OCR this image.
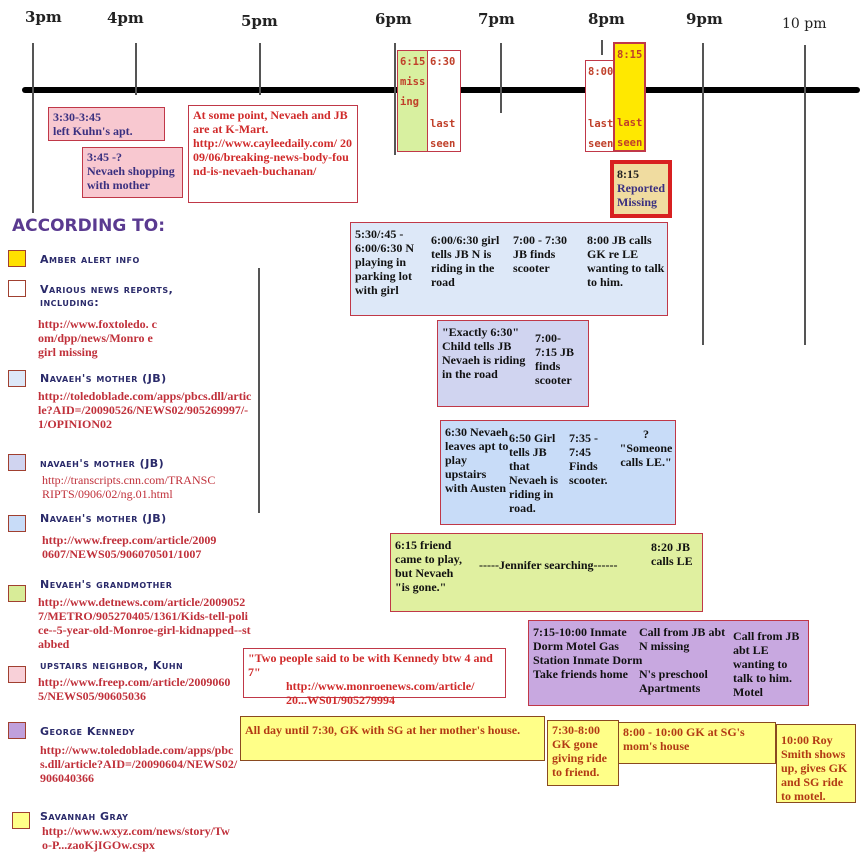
3pm	4pm	5pm	6pm	7pm	8pm	9pm	10 pm
6:15
miss
ing
6:30
last
seen
8:00
last
seen
8:15
last
seen
3:30-3:45
left Kuhn's apt.
3:45 -?
Nevaeh shopping with mother
At some point, Nevaeh and JB are at K-Mart.
http://www.cayleedaily.com/ 2009/06/breaking-news-body-found-is-nevaeh-buchanan/	8:15
Reported Missing
ACCORDING TO:
Amber alert info
Various news reports, including:
http://www.foxtoledo. com/dpp/news/Monro e girl missing
Navaeh's mother (JB)
http://toledoblade.com/apps/pbcs.dll/article?AID=/20090526/NEWS02/905269997/-1/OPINION02
navaeh's mother (JB)
http://transcripts.cnn.com/TRANSCRIPTS/0906/02/ng.01.html
Navaeh's mother (JB)
http://www.freep.com/article/20090607/NEWS05/906070501/1007
Nevaeh's grandmother
http://www.detnews.com/article/20090527/METRO/905270405/1361/Kids-tell-police--5-year-old-Monroe-girl-kidnapped--stabbed
upstairs neighbor, Kuhn
http://www.freep.com/article/20090605/NEWS05/90605036
George Kennedy
http://www.toledoblade.com/apps/pbcs.dll/article?AID=/20090604/NEWS02/906040366
Savannah Gray
http://www.wxyz.com/news/story/Two-P...zaoKjIGOw.cspx
5:30/:45 - 6:00/6:30 N playing in parking lot with girl
6:00/6:30 girl tells JB N is riding in the road
7:00 - 7:30 JB finds scooter
8:00 JB calls GK re LE wanting to talk to him.
"Exactly 6:30" Child tells JB Nevaeh is riding in the road
7:00- 7:15 JB finds scooter
6:30 Nevaeh leaves apt to play upstairs with Austen
6:50 Girl tells JB that Nevaeh is riding in road.
7:35 - 7:45 Finds scooter.
? "Someone calls LE."
6:15 friend came to play, but Nevaeh "is gone."
-----Jennifer searching------
8:20 JB calls LE
"Two people said to be with Kennedy btw 4 and 7"
http://www.monroenews.com/article/ 20...WS01/905279994
7:15-10:00 Inmate Dorm Motel Gas Station Inmate Dorm Take friends home
Call from JB abt N missing

N's preschool Apartments
Call from JB abt LE wanting to talk to him. Motel
All day until 7:30, GK with SG at her mother's house.	7:30-8:00 GK gone giving ride to friend.
8:00 - 10:00 GK at SG's mom's house	10:00 Roy Smith shows up, gives GK and SG ride to motel.
